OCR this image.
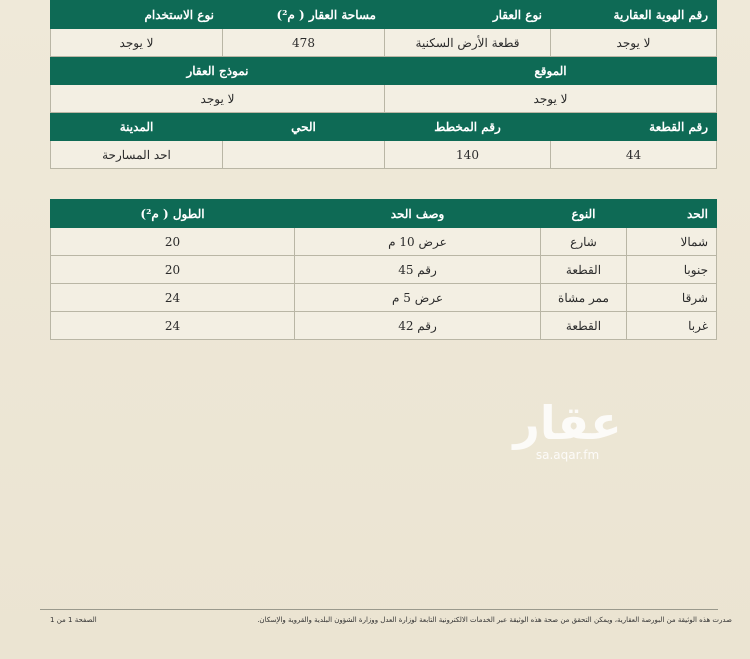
رقم الهوية العقارية	نوع العقار	مساحة العقار ( م²)	نوع الاستخدام
لا يوجد	قطعة الأرض السكنية	478	لا يوجد
الموقع		نموذج العقار	
لا يوجد		لا يوجد	
رقم القطعة	رقم المخطط	الحي	المدينة
44	140		احد المسارحة
الحد	النوع	وصف الحد	الطول ( م²)
شمالا	شارع	عرض 10 م	20
جنوبا	القطعة	رقم 45	20
شرقا	ممر مشاة	عرض 5 م	24
غربا	القطعة	رقم 42	24
عقار
sa.aqar.fm
الصفحة 1 من 1	صدرت هذه الوثيقة من البورصة العقارية، ويمكن التحقق من صحة هذه الوثيقة عبر الخدمات الالكترونية التابعة لوزارة العدل ووزارة الشؤون البلدية والقروية والإسكان.
